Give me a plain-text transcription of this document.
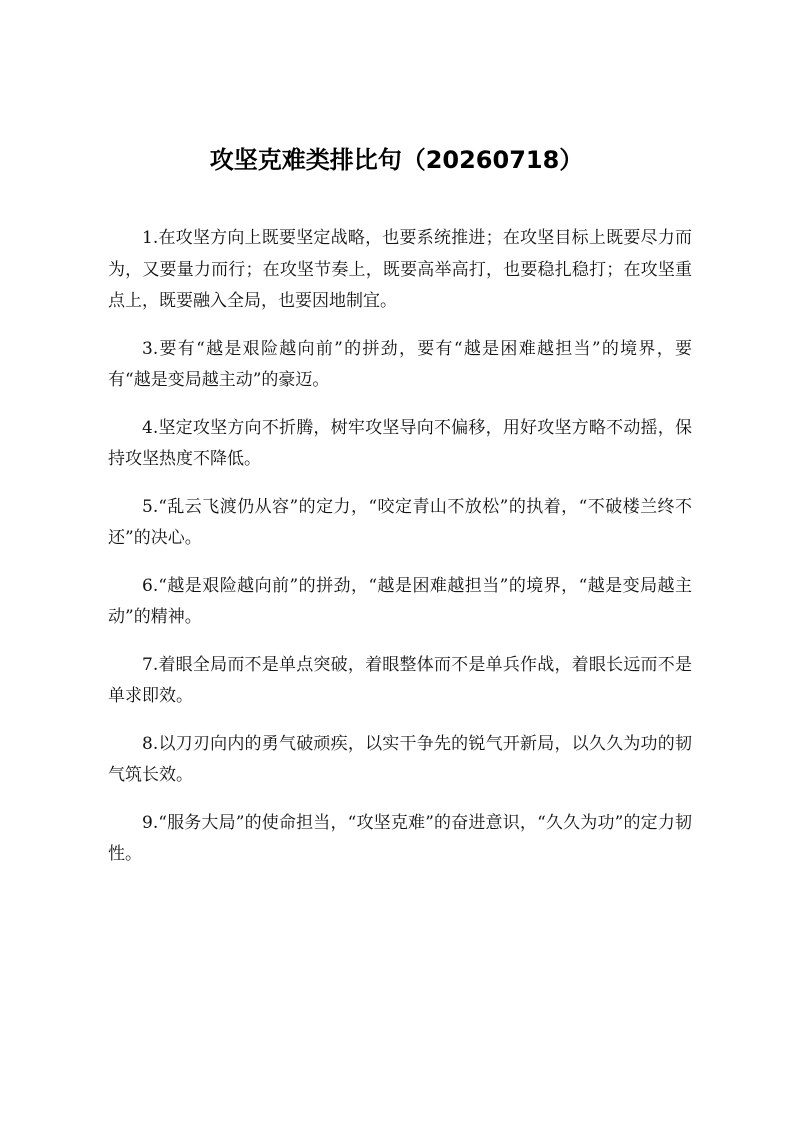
攻坚克难类排比句（20260718）

1.在攻坚方向上既要坚定战略，也要系统推进；在攻坚目标上既要尽力而为，又要量力而行；在攻坚节奏上，既要高举高打，也要稳扎稳打；在攻坚重点上，既要融入全局，也要因地制宜。

3.要有“越是艰险越向前”的拼劲，要有“越是困难越担当”的境界，要有“越是变局越主动”的豪迈。

4.坚定攻坚方向不折腾，树牢攻坚导向不偏移，用好攻坚方略不动摇，保持攻坚热度不降低。

5.“乱云飞渡仍从容”的定力，“咬定青山不放松”的执着，“不破楼兰终不还”的决心。

6.“越是艰险越向前”的拼劲，“越是困难越担当”的境界，“越是变局越主动”的精神。

7.着眼全局而不是单点突破，着眼整体而不是单兵作战，着眼长远而不是单求即效。

8.以刀刃向内的勇气破顽疾，以实干争先的锐气开新局，以久久为功的韧气筑长效。

9.“服务大局”的使命担当，“攻坚克难”的奋进意识，“久久为功”的定力韧性。
